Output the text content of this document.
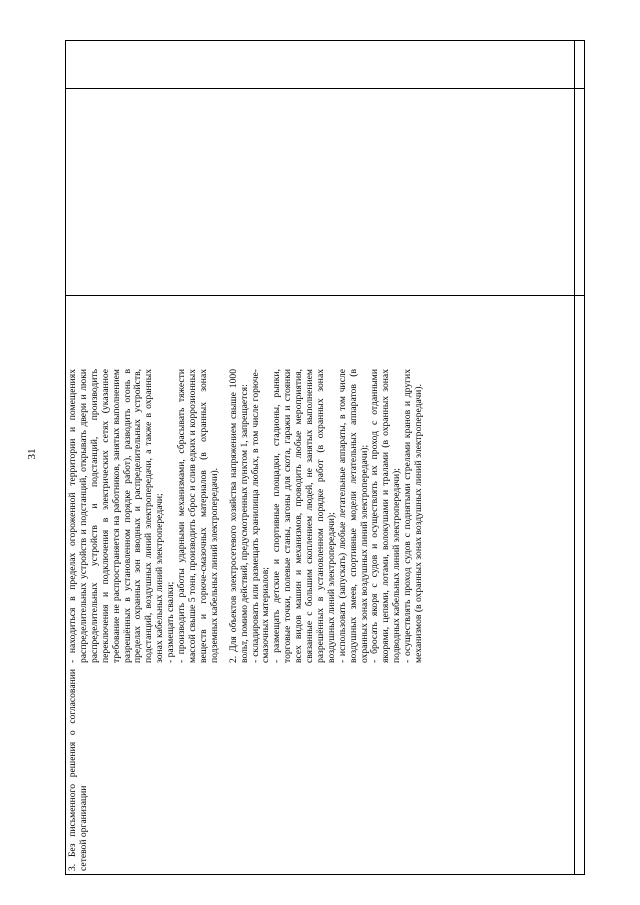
31

3. Без письменного решения о согласовании сетевой организации

- находиться в пределах огороженной территории и помещениях распределительных устройств и подстанций, открывать двери и люки распределительных устройств и подстанций, производить переключения и подключения в электрических сетях (указанное требование не распространяется на работников, занятых выполнением разрешённых в установленном порядке работ), разводить огонь в пределах охранных зон вводных и распределительных устройств, подстанций, воздушных линий электропередачи, а также в охранных зонах кабельных линий электропередачи; - размещать свалки; - производить работы ударными механизмами, сбрасывать тяжести массой свыше 5 тонн, производить сброс и слив едких и коррозионных веществ и горюче-смазочных материалов (в охранных зонах подземных кабельных линий электропередачи). 2. Для объектов электросетевого хозяйства напряжением свыше 1000 вольт, помимо действий, предусмотренных пунктом 1, запрещается: - складировать или размещать хранилища любых, в том числе горюче-смазочных материалов; - размещать детские и спортивные площадки, стадионы, рынки, торговые точки, полевые станы, загоны для скота, гаражи и стоянки всех видов машин и механизмов, проводить любые мероприятия, связанные с большим скоплением людей, не занятых выполнением разрешённых в установленном порядке работ (в охранных зонах воздушных линий электропередачи); - использовать (запускать) любые летательные аппараты, в том числе воздушных змеев, спортивные модели летательных аппаратов (в охранных зонах воздушных линий электропередачи); - бросать якоря с судов и осуществлять их проход с отданными якорями, цепями, лотами, волокушами и тралами (в охранных зонах подводных кабельных линий электропередачи); - осуществлять проход судов с поднятыми стрелами кранов и других механизмов (в охранных зонах воздушных линий электропередачи).
